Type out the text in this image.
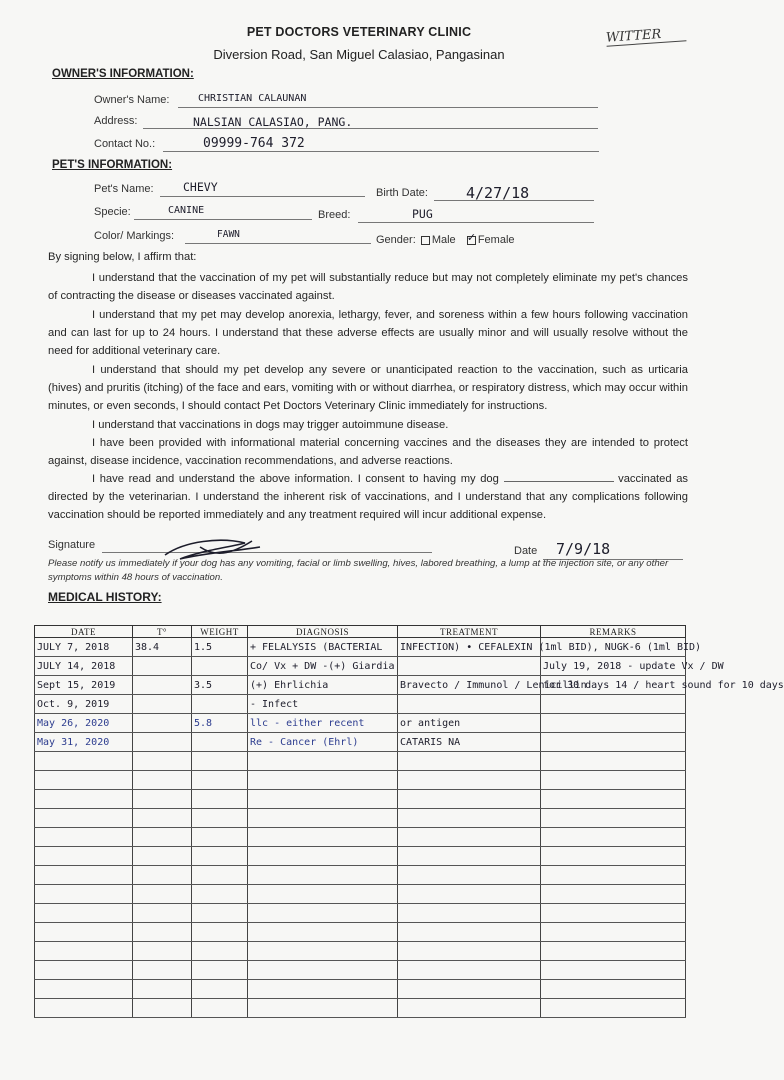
PET DOCTORS VETERINARY CLINIC
Diversion Road, San Miguel Calasiao, Pangasinan
WITTER
OWNER'S INFORMATION:
Owner's Name:	CHRISTIAN CALAUNAN
Address:	NALSIAN CALASIAO, PANG.
Contact No.:	09999-764 372
PET'S INFORMATION:
Pet's Name:	CHEVY	Birth Date:	4/27/18
Specie:	CANINE	Breed:	PUG
Color/ Markings:	FAWN	Gender: Male ✓ Female
By signing below, I affirm that:

I understand that the vaccination of my pet will substantially reduce but may not completely eliminate my pet's chances of contracting the disease or diseases vaccinated against.

I understand that my pet may develop anorexia, lethargy, fever, and soreness within a few hours following vaccination and can last for up to 24 hours. I understand that these adverse effects are usually minor and will usually resolve without the need for additional veterinary care.

I understand that should my pet develop any severe or unanticipated reaction to the vaccination, such as urticaria (hives) and pruritis (itching) of the face and ears, vomiting with or without diarrhea, or respiratory distress, which may occur within minutes, or even seconds, I should contact Pet Doctors Veterinary Clinic immediately for instructions.

I understand that vaccinations in dogs may trigger autoimmune disease.

I have been provided with informational material concerning vaccines and the diseases they are intended to protect against, disease incidence, vaccination recommendations, and adverse reactions.

I have read and understand the above information. I consent to having my dog	vaccinated as directed by the veterinarian. I understand the inherent risk of vaccinations, and I understand that any complications following vaccination should be reported immediately and any treatment required will incur additional expense.

Signature	Date 7/9/18
Please notify us immediately if your dog has any vomiting, facial or limb swelling, hives, labored breathing, a lump at the injection site, or any other symptoms within 48 hours of vaccination.
MEDICAL HISTORY:
DATE	T°	WEIGHT	DIAGNOSIS	TREATMENT	REMARKS
JULY 7, 2018	38.4	1.5	+ FELALYSIS (BACTERIAL	INFECTION) • CEFALEXIN (1ml BID), NUGK-6 (1ml BID)	
JULY 14, 2018			Co/ Vx + DW -(+) Giardia		July 19, 2018 - update Vx / DW
Sept 15, 2019		3.5	(+) Ehrlichia	Bravecto / Immunol / Lenicillin	for 30 days 14 / heart sound for 10 days
Oct. 9, 2019			- Infect		
May 26, 2020		5.8	llc - either recent	or antigen	
May 31, 2020			Re - Cancer (Ehrl)	CATARIS NA	
